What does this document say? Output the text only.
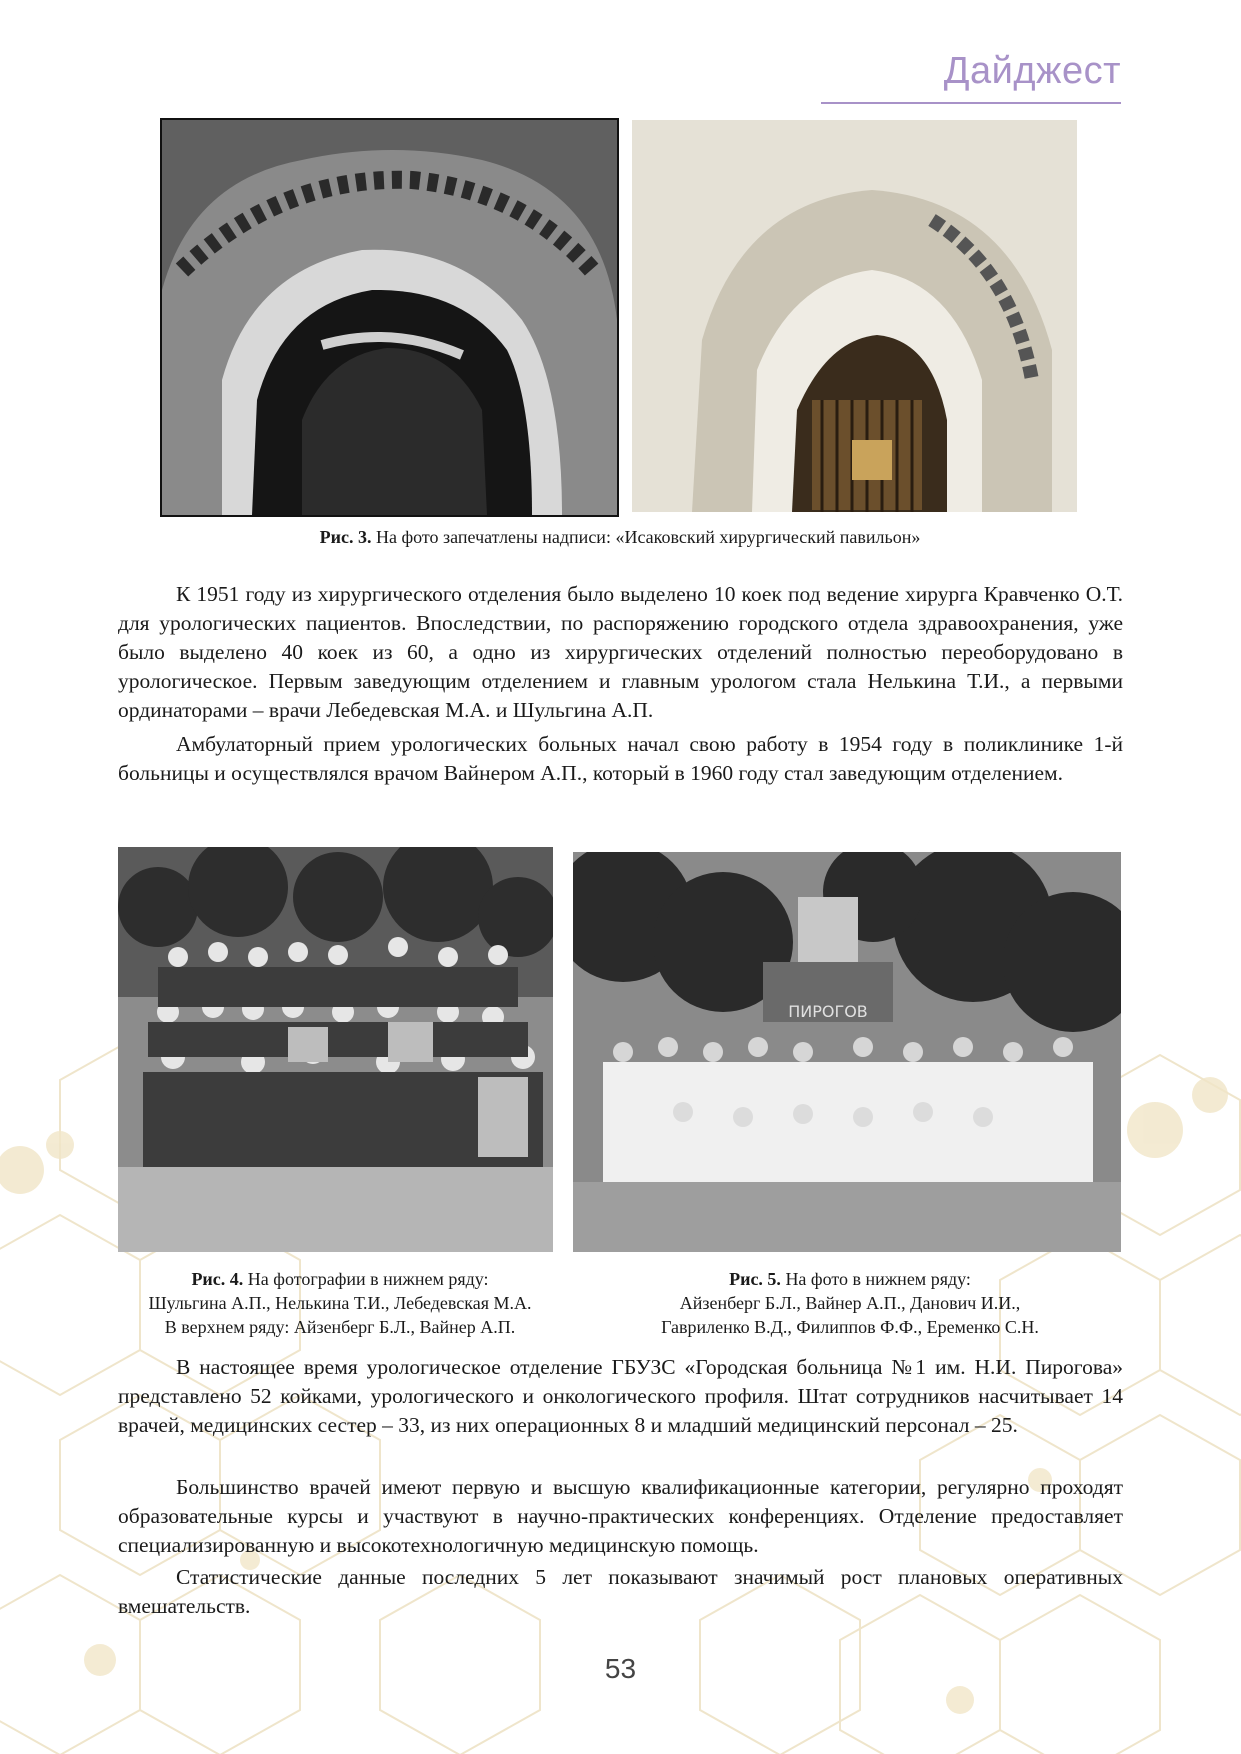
Дайджест
Рис. 3. На фото запечатлены надписи: «Исаковский хирургический павильон»

К 1951 году из хирургического отделения было выделено 10 коек под ведение хирурга Кравченко О.Т. для урологических пациентов. Впоследствии, по распоряжению городского отдела здравоохранения, уже было выделено 40 коек из 60, а одно из хирургических отделений полностью переоборудовано в урологическое. Первым заведующим отделением и главным урологом стала Нелькина Т.И., а первыми ординаторами – врачи Лебедевская М.А. и Шульгина А.П.

Амбулаторный прием урологических больных начал свою работу в 1954 году в поликлинике 1-й больницы и осуществлялся врачом Вайнером А.П., который в 1960 году стал заведующим отделением.

ПИРОГОВ
Рис. 4. На фотографии в нижнем ряду:
Шульгина А.П., Нелькина Т.И., Лебедевская М.А.
В верхнем ряду: Айзенберг Б.Л., Вайнер А.П.
Рис. 5. На фото в нижнем ряду:
Айзенберг Б.Л., Вайнер А.П., Данович И.И.,
Гавриленко В.Д., Филиппов Ф.Ф., Еременко С.Н.

В настоящее время урологическое отделение ГБУЗС «Городская больница №1 им. Н.И. Пирогова» представлено 52 койками, урологического и онкологического профиля. Штат сотрудников насчитывает 14 врачей, медицинских сестер – 33, из них операционных 8 и младший медицинский персонал – 25.

Большинство врачей имеют первую и высшую квалификационные категории, регулярно проходят образовательные курсы и участвуют в научно-практических конференциях. Отделение предоставляет специализированную и высокотехнологичную медицинскую помощь.

Статистические данные последних 5 лет показывают значимый рост плановых оперативных вмешательств.

53
